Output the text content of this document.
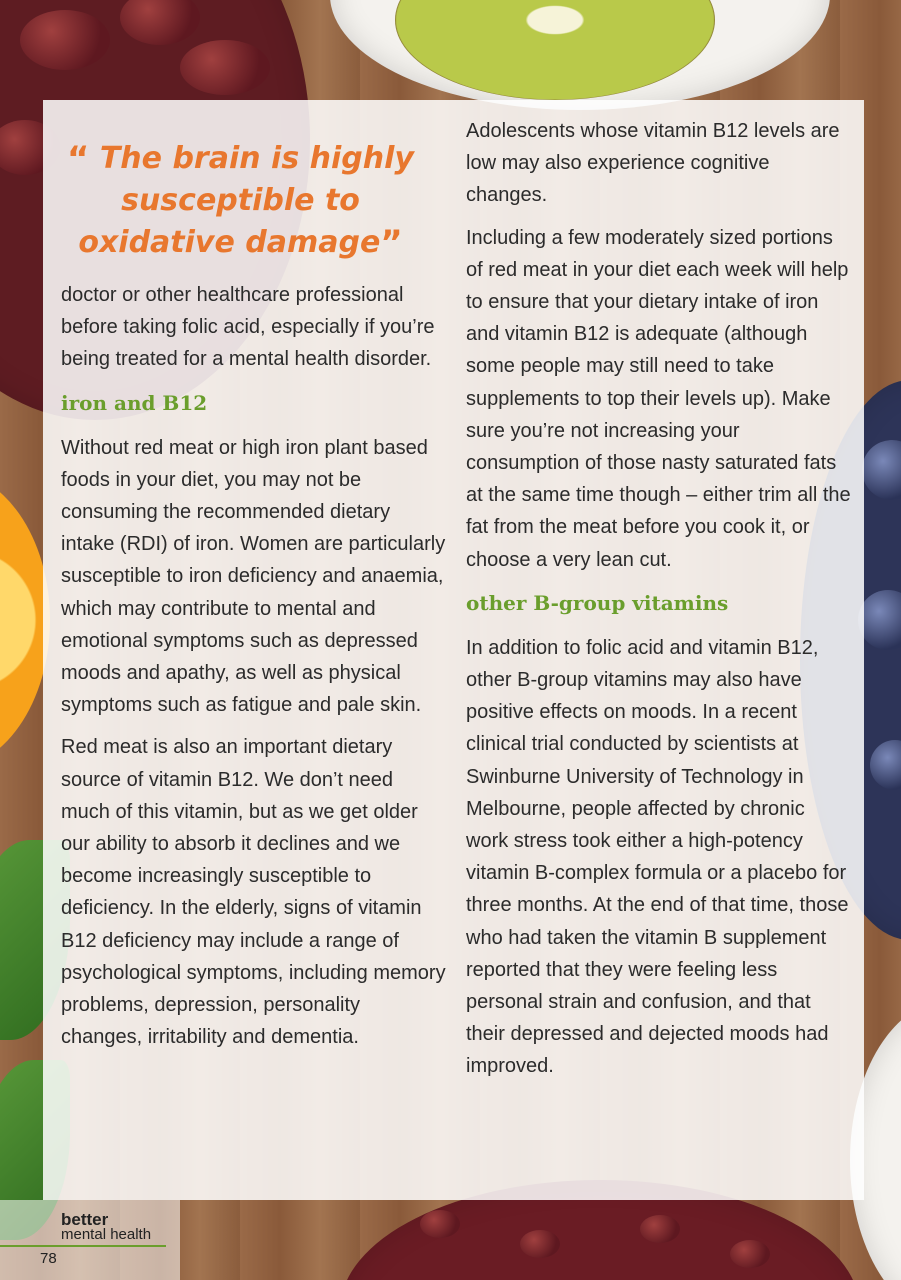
“ The brain is highly
susceptible to
oxidative damage”

doctor or other healthcare professional before taking folic acid, especially if you’re being treated for a mental health disorder.

iron and B12

Without red meat or high iron plant based foods in your diet, you may not be consuming the recommended dietary intake (RDI) of iron. Women are particularly susceptible to iron deficiency and anaemia, which may contribute to mental and emotional symptoms such as depressed moods and apathy, as well as physical symptoms such as fatigue and pale skin.

Red meat is also an important dietary source of vitamin B12. We don’t need much of this vitamin, but as we get older our ability to absorb it declines and we become increasingly susceptible to deficiency. In the elderly, signs of vitamin B12 deficiency may include a range of psychological symptoms, including memory problems, depression, personality changes, irritability and dementia.

Adolescents whose vitamin B12 levels are low may also experience cognitive changes.

Including a few moderately sized portions of red meat in your diet each week will help to ensure that your dietary intake of iron and vitamin B12 is adequate (although some people may still need to take supplements to top their levels up). Make sure you’re not increasing your consumption of those nasty saturated fats at the same time though – either trim all the fat from the meat before you cook it, or choose a very lean cut.

other B-group vitamins

In addition to folic acid and vitamin B12, other B-group vitamins may also have positive effects on moods. In a recent clinical trial conducted by scientists at Swinburne University of Technology in Melbourne, people affected by chronic work stress took either a high-potency vitamin B-complex formula or a placebo for three months. At the end of that time, those who had taken the vitamin B supplement reported that they were feeling less personal strain and confusion, and that their depressed and dejected moods had improved.

better
mental health
78
